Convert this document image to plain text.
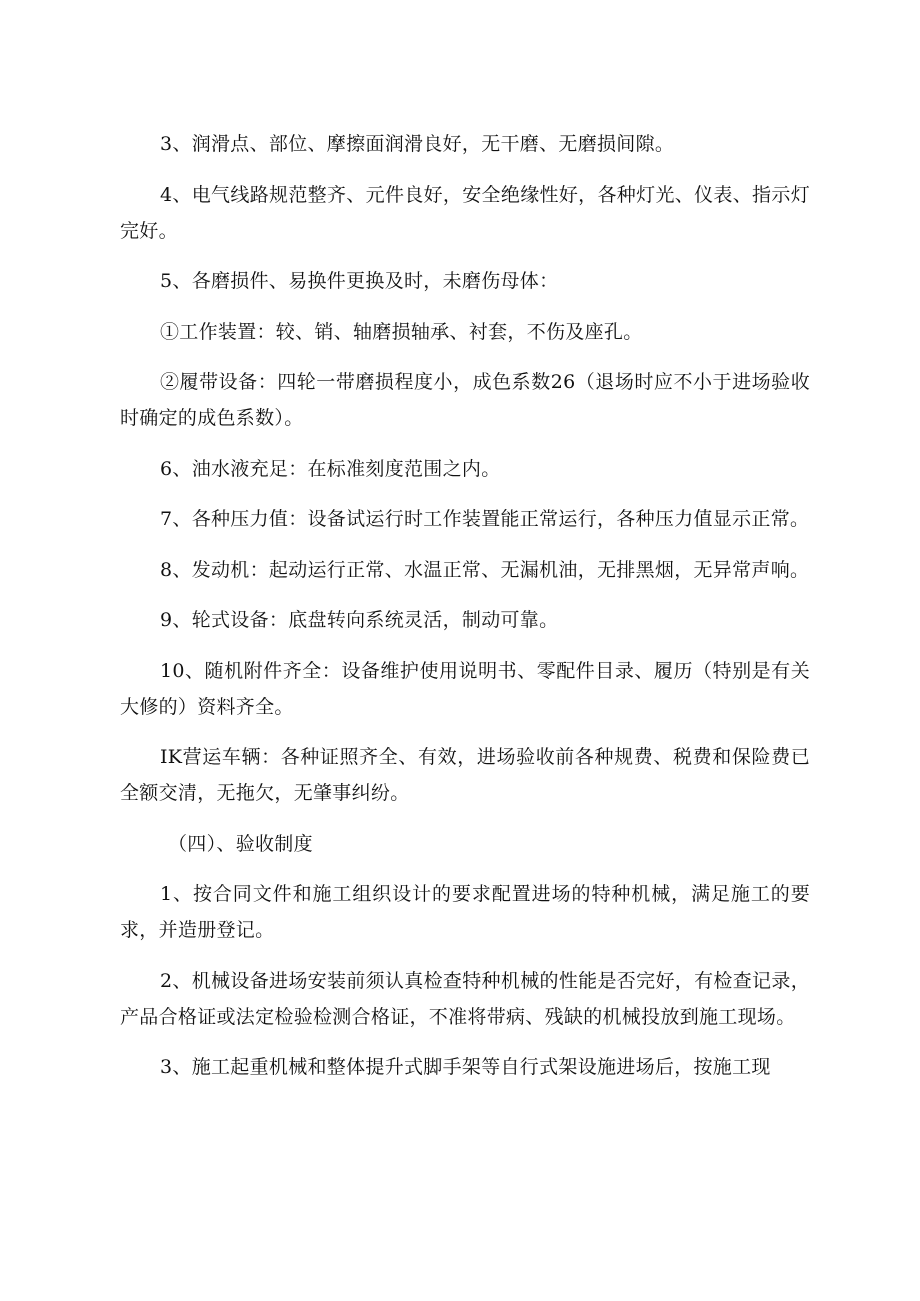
3、润滑点、部位、摩擦面润滑良好，无干磨、无磨损间隙。

4、电气线路规范整齐、元件良好，安全绝缘性好，各种灯光、仪表、指示灯完好。

5、各磨损件、易换件更换及时，未磨伤母体：

①工作装置：较、销、轴磨损轴承、衬套，不伤及座孔。

②履带设备：四轮一带磨损程度小，成色系数26（退场时应不小于进场验收时确定的成色系数）。

6、油水液充足：在标准刻度范围之内。

7、各种压力值：设备试运行时工作装置能正常运行，各种压力值显示正常。

8、发动机：起动运行正常、水温正常、无漏机油，无排黑烟，无异常声响。

9、轮式设备：底盘转向系统灵活，制动可靠。

10、随机附件齐全：设备维护使用说明书、零配件目录、履历（特别是有关大修的）资料齐全。

IK营运车辆：各种证照齐全、有效，进场验收前各种规费、税费和保险费已全额交清，无拖欠，无肇事纠纷。

（四）、验收制度

1、按合同文件和施工组织设计的要求配置进场的特种机械，满足施工的要求，并造册登记。

2、机械设备进场安装前须认真检查特种机械的性能是否完好，有检查记录，产品合格证或法定检验检测合格证，不准将带病、残缺的机械投放到施工现场。

3、施工起重机械和整体提升式脚手架等自行式架设施进场后，按施工现
